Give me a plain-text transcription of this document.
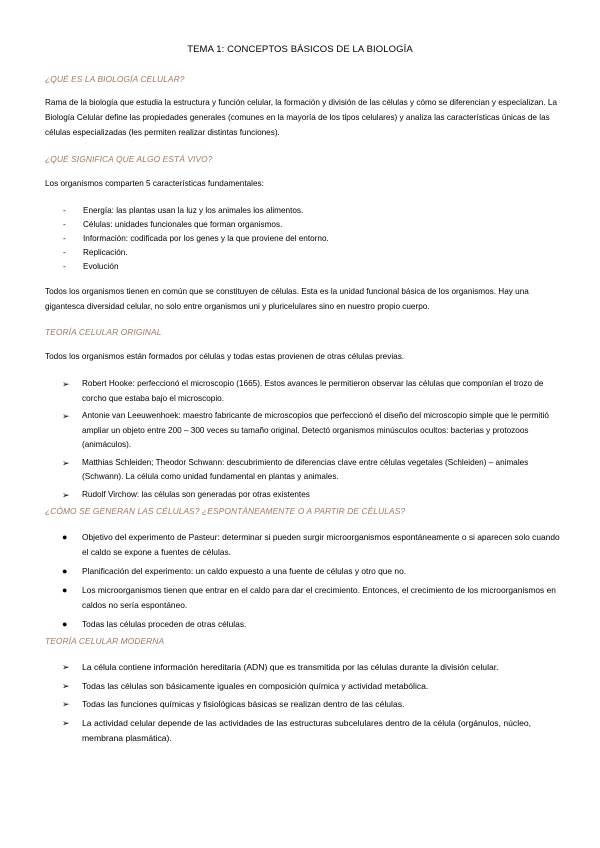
TEMA 1: CONCEPTOS BÁSICOS DE LA BIOLOGÍA
¿QUÉ ES LA BIOLOGÍA CELULAR?
Rama de la biología que estudia la estructura y función celular, la formación y división de las células y cómo se diferencian y especializan. La Biología Celular define las propiedades generales (comunes en la mayoría de los tipos celulares) y analiza las características únicas de las células especializadas (les permiten realizar distintas funciones).
¿QUÉ SIGNIFICA QUE ALGO ESTÁ VIVO?
Los organismos comparten 5 características fundamentales:
- Energía: las plantas usan la luz y los animales los alimentos.
- Células: unidades funcionales que forman organismos.
- Información: codificada por los genes y la que proviene del entorno.
- Replicación.
- Evolución
Todos los organismos tienen en común que se constituyen de células. Esta es la unidad funcional básica de los organismos. Hay una gigantesca diversidad celular, no solo entre organismos uni y pluricelulares sino en nuestro propio cuerpo.
TEORÍA CELULAR ORIGINAL
Todos los organismos están formados por células y todas estas provienen de otras células previas.
➢ Robert Hooke: perfeccionó el microscopio (1665). Estos avances le permitieron observar las células que componían el trozo de corcho que estaba bajo el microscopio.
➢ Antonie van Leeuwenhoek: maestro fabricante de microscopios que perfeccionó el diseño del microscopio simple que le permitió ampliar un objeto entre 200 – 300 veces su tamaño original. Detectó organismos minúsculos ocultos: bacterias y protozoos (animáculos).
➢ Matthias Schleiden; Theodor Schwann: descubrimiento de diferencias clave entre células vegetales (Schleiden) – animales (Schwann). La célula como unidad fundamental en plantas y animales.
➢ Rudolf Virchow: las células son generadas por otras existentes
¿CÓMO SE GENERAN LAS CÉLULAS? ¿ESPONTÁNEAMENTE O A PARTIR DE CÉLULAS?
● Objetivo del experimento de Pasteur: determinar si pueden surgir microorganismos espontáneamente o si aparecen solo cuando el caldo se expone a fuentes de células.
● Planificación del experimento: un caldo expuesto a una fuente de células y otro que no.
● Los microorganismos tienen que entrar en el caldo para dar el crecimiento. Entonces, el crecimiento de los microorganismos en caldos no sería espontáneo.
● Todas las células proceden de otras células.
TEORÍA CELULAR MODERNA
➢ La célula contiene información hereditaria (ADN) que es transmitida por las células durante la división celular.
➢ Todas las células son básicamente iguales en composición química y actividad metabólica.
➢ Todas las funciones químicas y fisiológicas básicas se realizan dentro de las células.
➢ La actividad celular depende de las actividades de las estructuras subcelulares dentro de la célula (orgánulos, núcleo, membrana plasmática).
